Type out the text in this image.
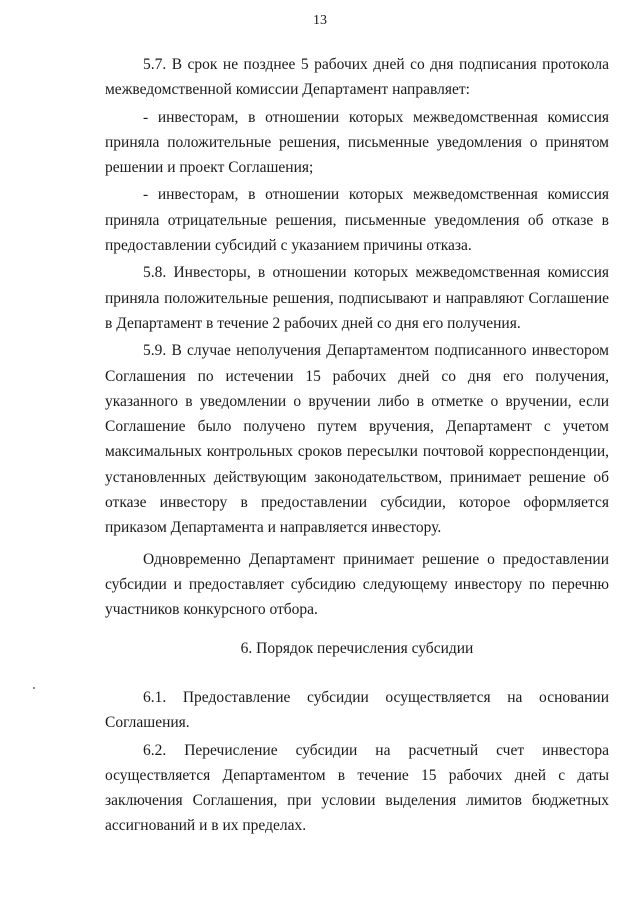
13

5.7. В срок не позднее 5 рабочих дней со дня подписания протокола межведомственной комиссии Департамент направляет:

- инвесторам, в отношении которых межведомственная комиссия приняла положительные решения, письменные уведомления о принятом решении и проект Соглашения;

- инвесторам, в отношении которых межведомственная комиссия приняла отрицательные решения, письменные уведомления об отказе в предоставлении субсидий с указанием причины отказа.

5.8. Инвесторы, в отношении которых межведомственная комиссия приняла положительные решения, подписывают и направляют Соглашение в Департамент в течение 2 рабочих дней со дня его получения.

5.9. В случае неполучения Департаментом подписанного инвестором Соглашения по истечении 15 рабочих дней со дня его получения, указанного в уведомлении о вручении либо в отметке о вручении, если Соглашение было получено путем вручения, Департамент с учетом максимальных контрольных сроков пересылки почтовой корреспонденции, установленных действующим законодательством, принимает решение об отказе инвестору в предоставлении субсидии, которое оформляется приказом Департамента и направляется инвестору.

Одновременно Департамент принимает решение о предоставлении субсидии и предоставляет субсидию следующему инвестору по перечню участников конкурсного отбора.

6. Порядок перечисления субсидии

6.1. Предоставление субсидии осуществляется на основании Соглашения.

6.2. Перечисление субсидии на расчетный счет инвестора осуществляется Департаментом в течение 15 рабочих дней с даты заключения Соглашения, при условии выделения лимитов бюджетных ассигнований и в их пределах.
